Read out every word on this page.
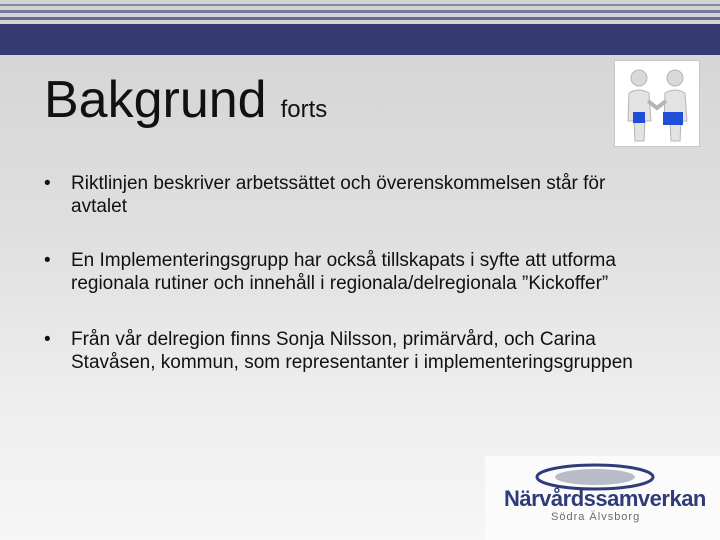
Bakgrund forts
• Riktlinjen beskriver arbetssättet och överenskommelsen står för avtalet
• En Implementeringsgrupp har också tillskapats i syfte att utforma regionala rutiner och innehåll i regionala/delregionala ”Kickoffer”
• Från vår delregion finns Sonja Nilsson, primärvård, och Carina Stavåsen, kommun, som representanter i implementeringsgruppen
Närvårdssamverkan
Södra Älvsborg
